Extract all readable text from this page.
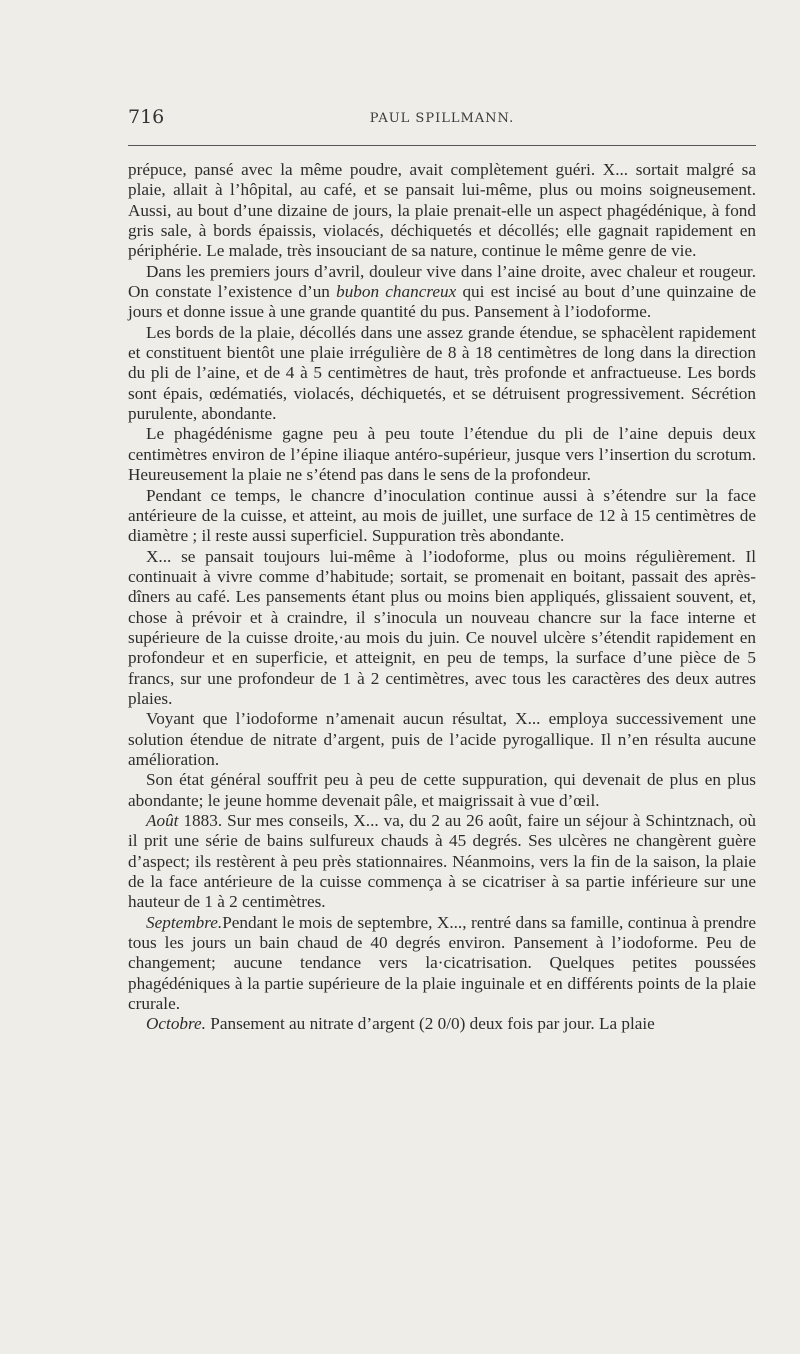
716	PAUL SPILLMANN.

prépuce, pansé avec la même poudre, avait complètement guéri. X... sortait malgré sa plaie, allait à l’hôpital, au café, et se pansait lui-même, plus ou moins soigneusement. Aussi, au bout d’une dizaine de jours, la plaie prenait-elle un aspect phagédénique, à fond gris sale, à bords épaissis, violacés, déchiquetés et décollés; elle gagnait rapidement en périphérie. Le malade, très insouciant de sa nature, continue le même genre de vie.

Dans les premiers jours d’avril, douleur vive dans l’aine droite, avec chaleur et rougeur. On constate l’existence d’un bubon chancreux qui est incisé au bout d’une quinzaine de jours et donne issue à une grande quantité du pus. Pansement à l’iodoforme.

Les bords de la plaie, décollés dans une assez grande étendue, se sphacèlent rapidement et constituent bientôt une plaie irrégulière de 8 à 18 centimètres de long dans la direction du pli de l’aine, et de 4 à 5 centimètres de haut, très profonde et anfractueuse. Les bords sont épais, œdématiés, violacés, déchiquetés, et se détruisent progressivement. Sécrétion purulente, abondante.

Le phagédénisme gagne peu à peu toute l’étendue du pli de l’aine depuis deux centimètres environ de l’épine iliaque antéro-supérieur, jusque vers l’insertion du scrotum. Heureusement la plaie ne s’étend pas dans le sens de la profondeur.

Pendant ce temps, le chancre d’inoculation continue aussi à s’étendre sur la face antérieure de la cuisse, et atteint, au mois de juillet, une surface de 12 à 15 centimètres de diamètre ; il reste aussi superficiel. Suppuration très abondante.

X... se pansait toujours lui-même à l’iodoforme, plus ou moins régulièrement. Il continuait à vivre comme d’habitude; sortait, se promenait en boitant, passait des après-dîners au café. Les pansements étant plus ou moins bien appliqués, glissaient souvent, et, chose à prévoir et à craindre, il s’inocula un nouveau chancre sur la face interne et supérieure de la cuisse droite,·au mois du juin. Ce nouvel ulcère s’étendit rapidement en profondeur et en superficie, et atteignit, en peu de temps, la surface d’une pièce de 5 francs, sur une profondeur de 1 à 2 centimètres, avec tous les caractères des deux autres plaies.

Voyant que l’iodoforme n’amenait aucun résultat, X... employa successivement une solution étendue de nitrate d’argent, puis de l’acide pyrogallique. Il n’en résulta aucune amélioration.

Son état général souffrit peu à peu de cette suppuration, qui devenait de plus en plus abondante; le jeune homme devenait pâle, et maigrissait à vue d’œil.

Août 1883. Sur mes conseils, X... va, du 2 au 26 août, faire un séjour à Schintznach, où il prit une série de bains sulfureux chauds à 45 degrés. Ses ulcères ne changèrent guère d’aspect; ils restèrent à peu près stationnaires. Néanmoins, vers la fin de la saison, la plaie de la face antérieure de la cuisse commença à se cicatriser à sa partie inférieure sur une hauteur de 1 à 2 centimètres.

Septembre.Pendant le mois de septembre, X..., rentré dans sa famille, continua à prendre tous les jours un bain chaud de 40 degrés environ. Pansement à l’iodoforme. Peu de changement; aucune tendance vers la·cicatrisation. Quelques petites poussées phagédéniques à la partie supérieure de la plaie inguinale et en différents points de la plaie crurale.

Octobre. Pansement au nitrate d’argent (2 0/0) deux fois par jour. La plaie
